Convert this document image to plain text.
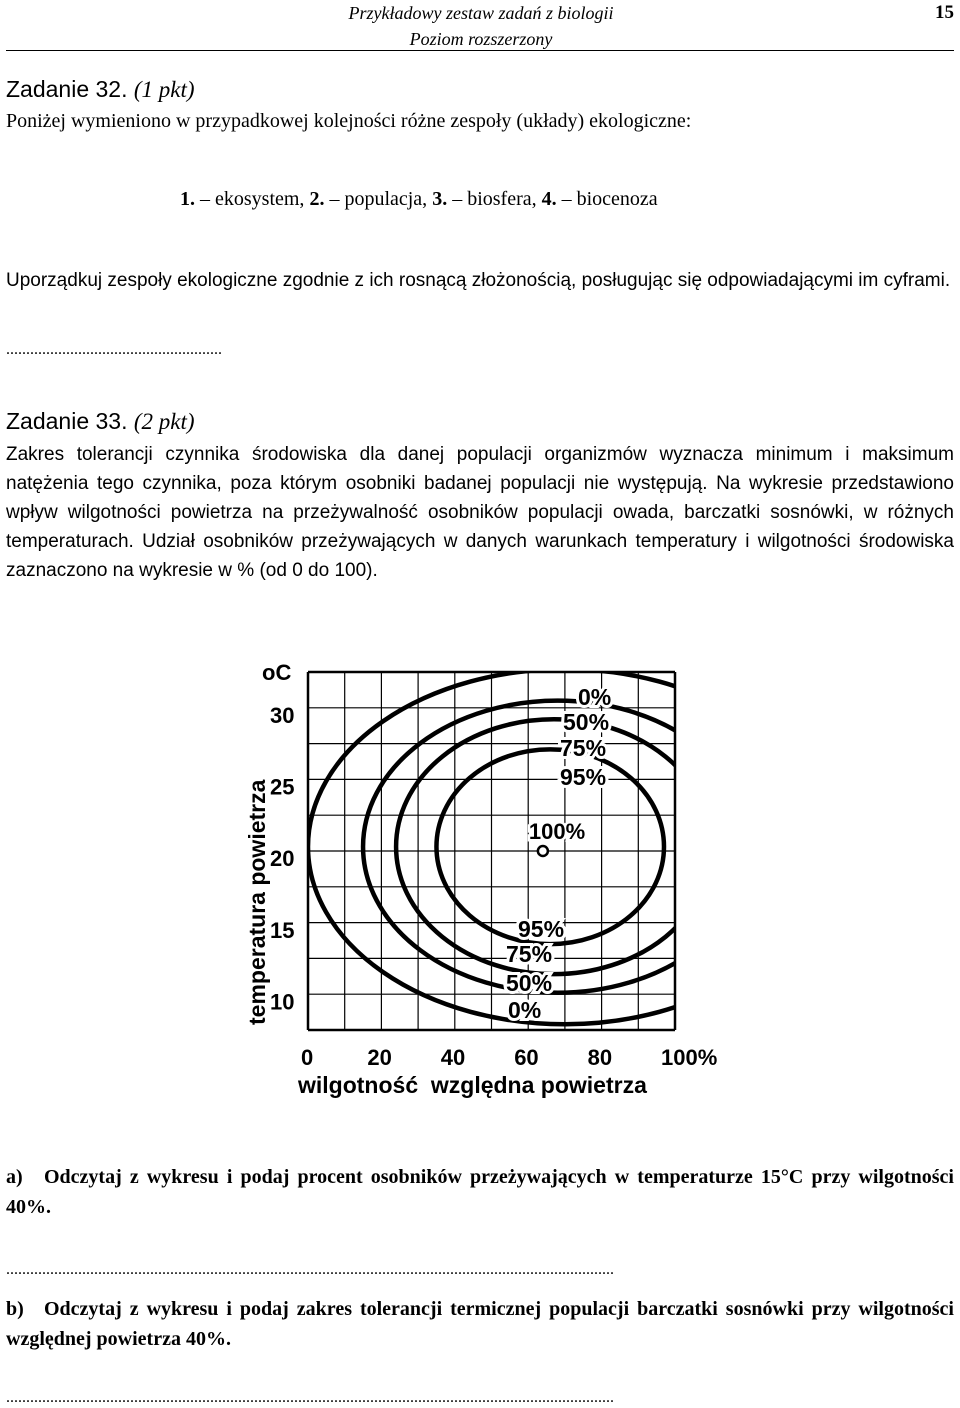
Przykładowy zestaw zadań z biologii
Poziom rozszerzony
15
Zadanie 32. (1 pkt)
Poniżej wymieniono w przypadkowej kolejności różne zespoły (układy) ekologiczne:
1. – ekosystem, 2. – populacja, 3. – biosfera, 4. – biocenoza
Uporządkuj zespoły ekologiczne zgodnie z ich rosnącą złożonością, posługując się odpowiadającymi im cyframi.
......................................................
Zadanie 33. (2 pkt)
Zakres tolerancji czynnika środowiska dla danej populacji organizmów wyznacza minimum i maksimum natężenia tego czynnika, poza którym osobniki badanej populacji nie występują. Na wykresie przedstawiono wpływ wilgotności powietrza na przeżywalność osobników populacji owada, barczatki sosnówki, w różnych temperaturach. Udział osobników przeżywających w danych warunkach temperatury i wilgotności środowiska zaznaczono na wykresie w % (od 0 do 100).
oC
temperatura powietrza
wilgotność  względna powietrza
100%
0%
50%
75%
95%
95%
75%
50%
0%
10
15
20
25
30
0 20 40 60 80 100%
a) Odczytaj z wykresu i podaj procent osobników przeżywających w temperaturze 15°C przy wilgotności 40%.
........................................................................................................................................................
b) Odczytaj z wykresu i podaj zakres tolerancji termicznej populacji barczatki sosnówki przy wilgotności względnej powietrza 40%.
........................................................................................................................................................
